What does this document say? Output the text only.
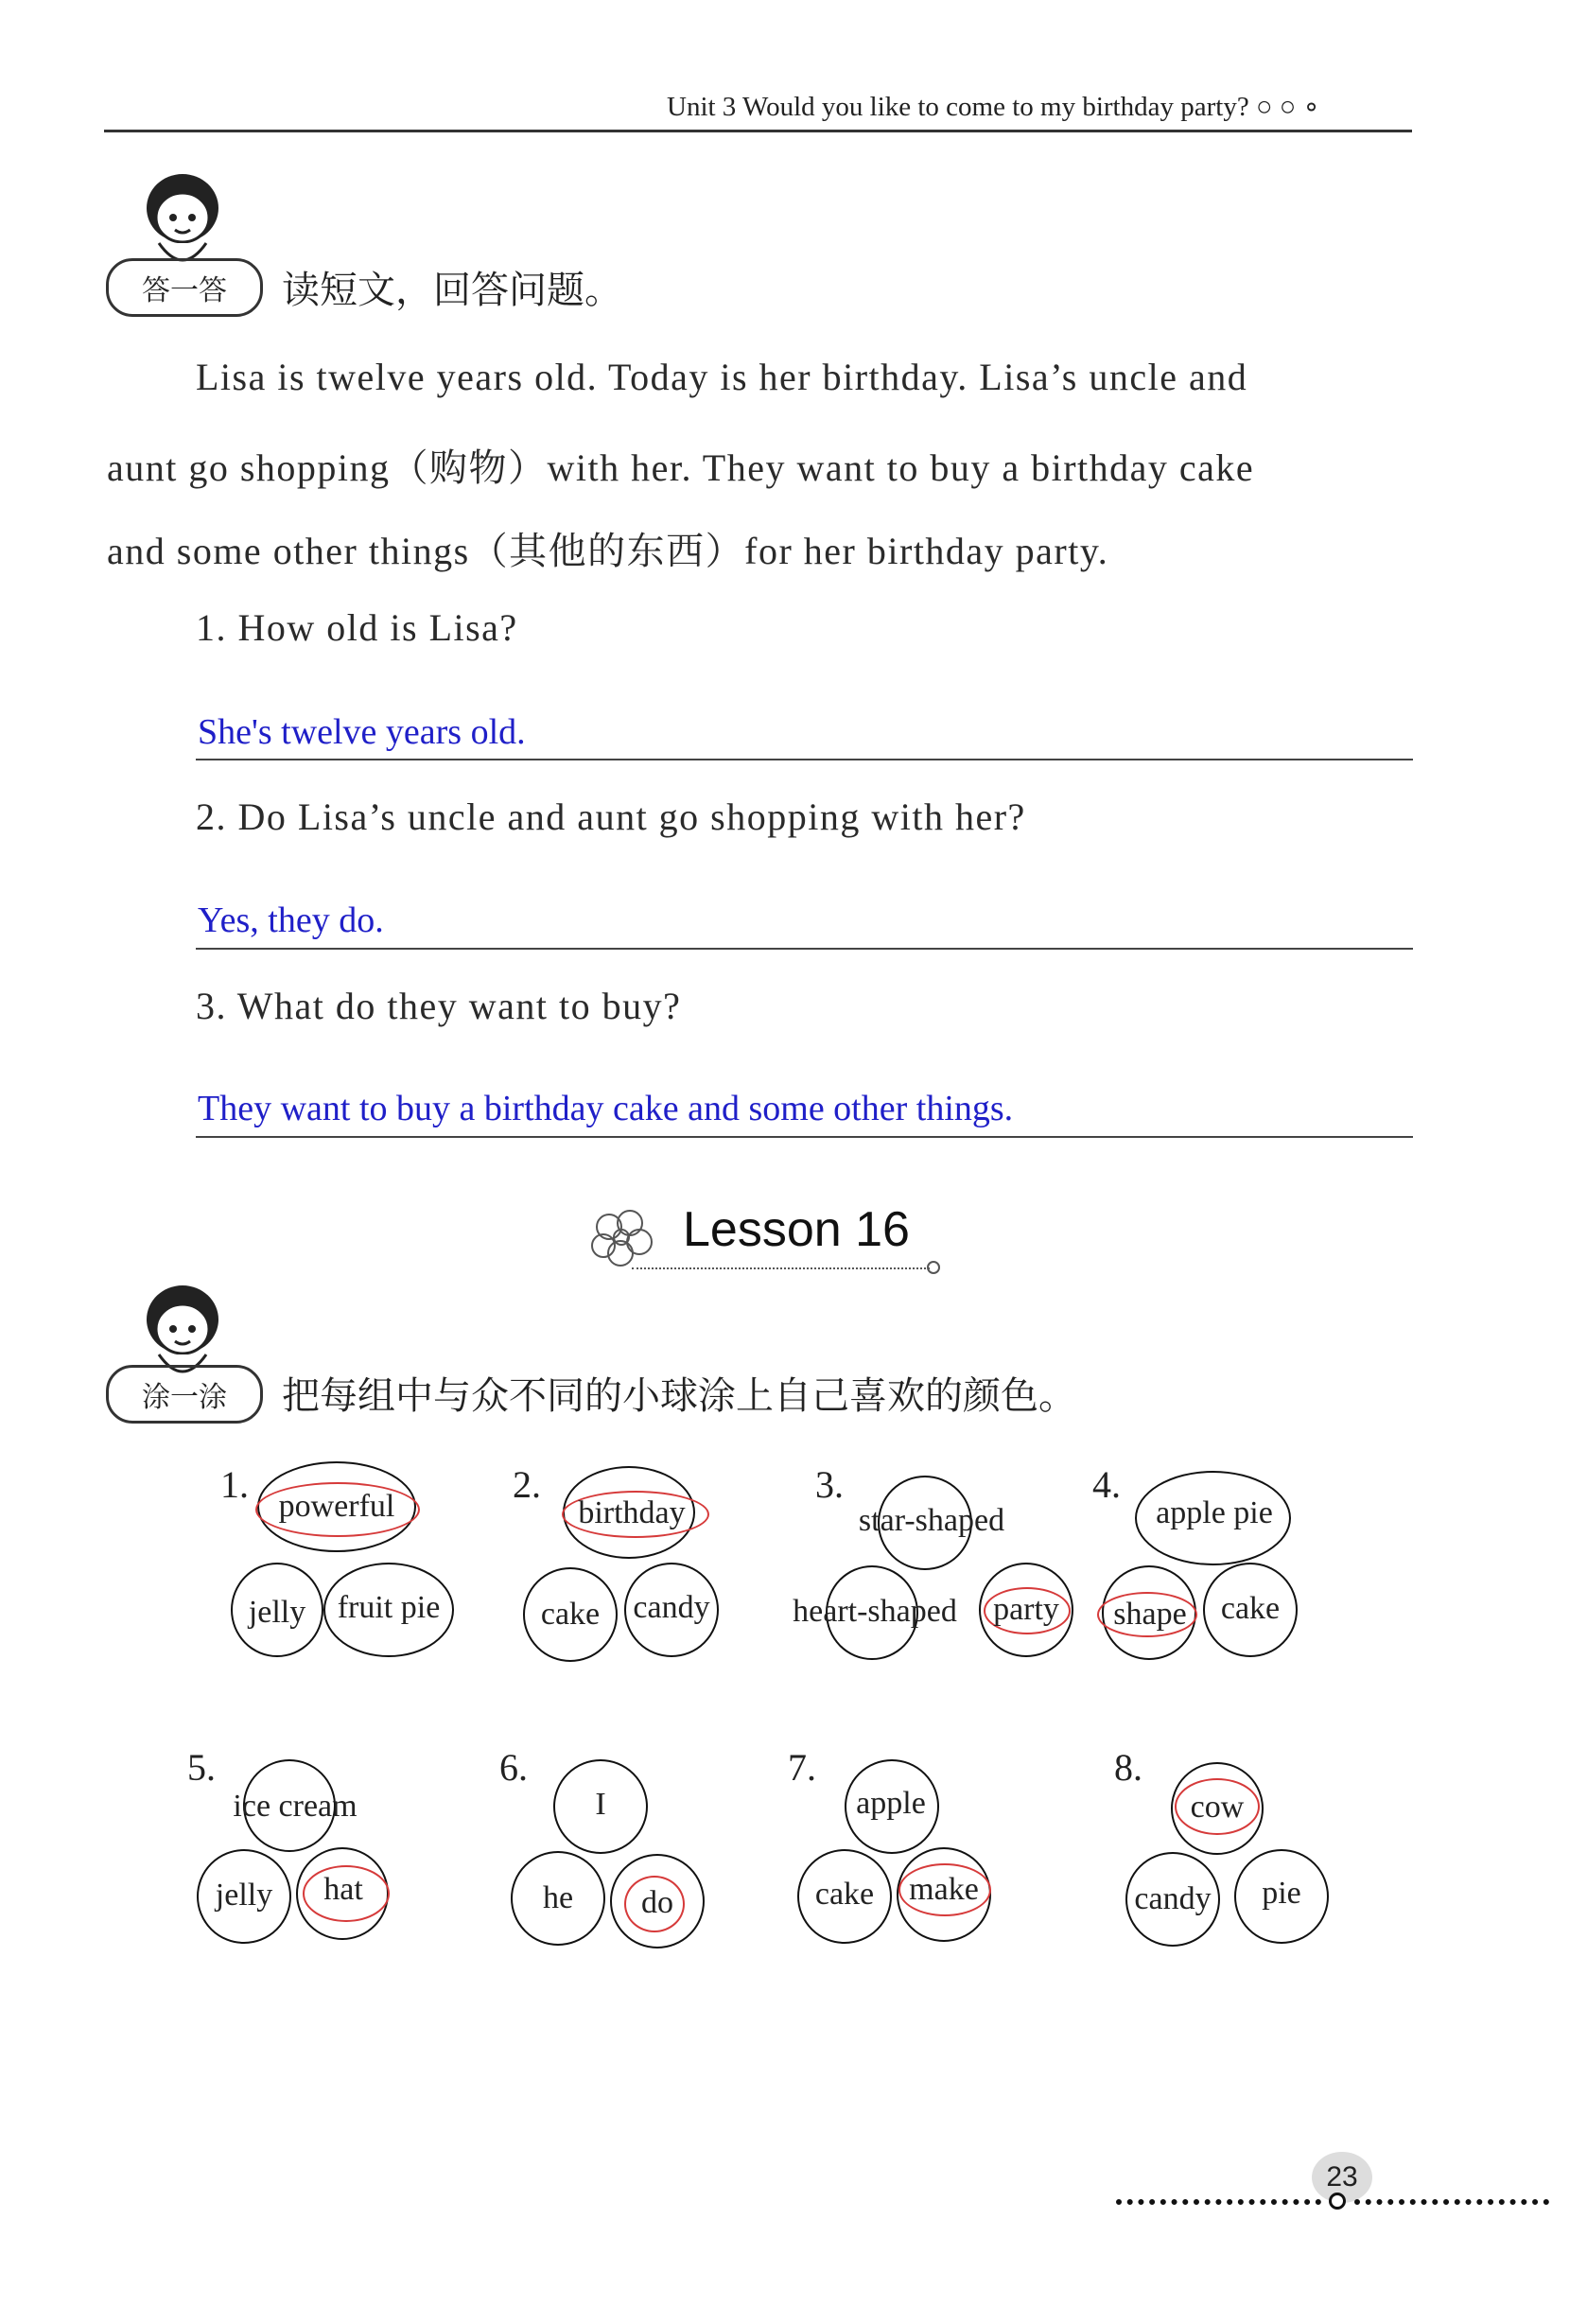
Unit 3 Would you like to come to my birthday party? ○ ○ ∘
答一答	读短文，回答问题。
Lisa is twelve years old. Today is her birthday. Lisa’s uncle and
aunt go shopping（购物）with her. They want to buy a birthday cake
and some other things（其他的东西）for her birthday party.
1. How old is Lisa?
She's twelve years old.
2. Do Lisa’s uncle and aunt go shopping with her?
Yes, they do.
3. What do they want to buy?
They want to buy a birthday cake and some other things.
Lesson 16
涂一涂	把每组中与众不同的小球涂上自己喜欢的颜色。
1.
powerful
jelly fruit pie
2.
birthday
cake candy
3.
star-shaped
heart-shaped party
4.
apple pie
shape cake
5.
ice cream
jelly hat
6.
I
he do
7.
apple
cake make
8.
cow
candy pie
23
